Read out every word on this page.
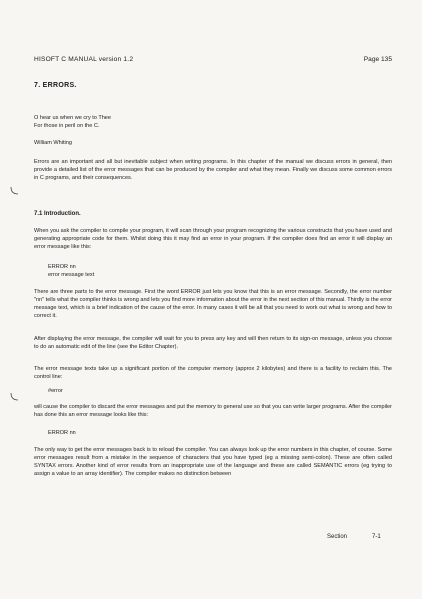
HISOFT C MANUAL version 1.2	Page 135
7. ERRORS.
O hear us when we cry to Thee
For those in peril on the C.
William Whiting

Errors are an important and all but inevitable subject when writing programs. In this chapter of the manual we discuss errors in general, then provide a detailed list of the error messages that can be produced by the compiler and what they mean. Finally we discuss some common errors in C programs, and their consequences.

7.1 Introduction.

When you ask the compiler to compile your program, it will scan through your program recognizing the various constructs that you have used and generating appropriate code for them. Whilst doing this it may find an error in your program. If the compiler does find an error it will display an error message like this:

ERROR nn
error message text

There are three parts to the error message. First the word ERROR just lets you know that this is an error message. Secondly, the error number "nn" tells what the compiler thinks is wrong and lets you find more information about the error in the next section of this manual. Thirdly is the error message text, which is a brief indication of the cause of the error. In many cases it will be all that you need to work out what is wrong and how to correct it.

After displaying the error message, the compiler will wait for you to press any key and will then return to its sign-on message, unless you choose to do an automatic edit of the line (see the Editor Chapter).

The error message texts take up a significant portion of the computer memory (approx 2 kilobytes) and there is a facility to reclaim this. The control line:

#error

will cause the compiler to discard the error messages and put the memory to general use so that you can write larger programs. After the compiler has done this an error message looks like this:

ERROR nn

The only way to get the error messages back is to reload the compiler. You can always look up the error numbers in this chapter, of course. Some error messages result from a mistake in the sequence of characters that you have typed (eg a missing semi-colon). These are often called SYNTAX errors. Another kind of error results from an inappropriate use of the language and these are called SEMANTIC errors (eg trying to assign a value to an array identifier). The compiler makes no distinction between

Section	7-1
